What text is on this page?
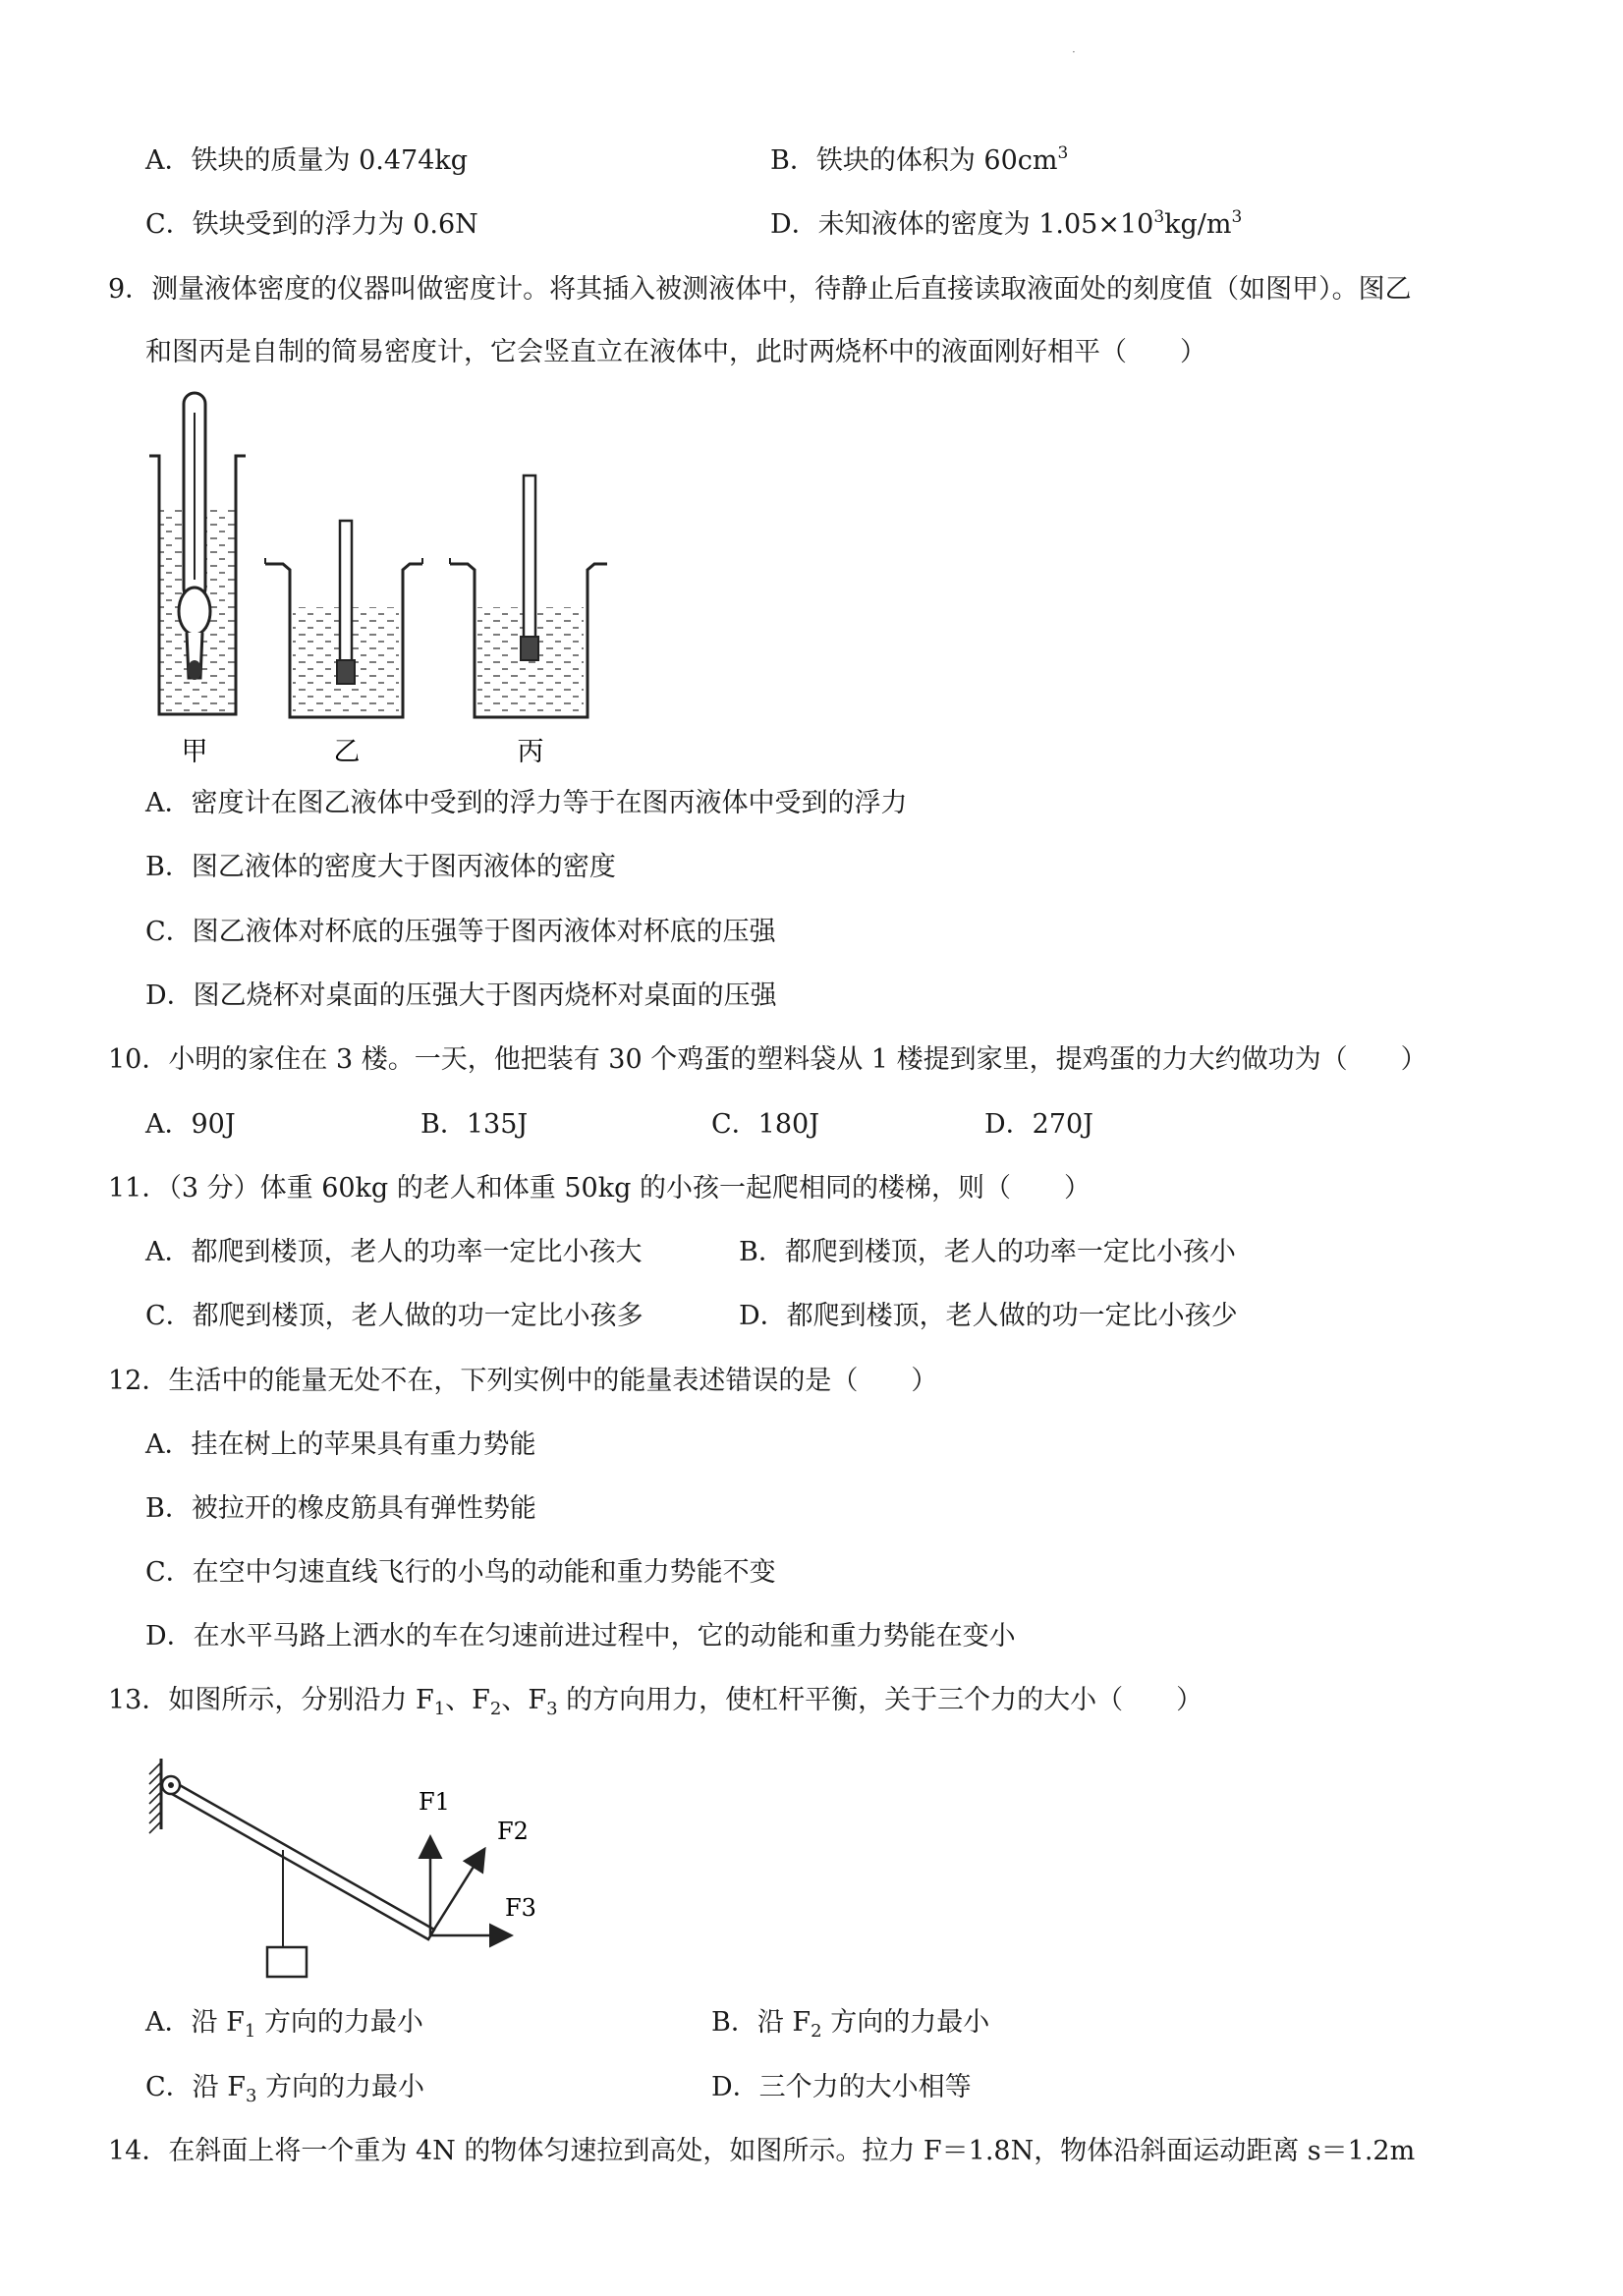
·
A．铁块的质量为 0.474kg	B．铁块的体积为 $60cm^3$
C．铁块受到的浮力为 0.6N	D．未知液体的密度为 $1.05\times 10^3kg/m^3$
9．测量液体密度的仪器叫做密度计。将其插入被测液体中，待静止后直接读取液面处的刻度值（如图甲）。图乙
和图丙是自制的简易密度计，它会竖直立在液体中，此时两烧杯中的液面刚好相平（　　）
甲	乙	丙
A．密度计在图乙液体中受到的浮力等于在图丙液体中受到的浮力
B．图乙液体的密度大于图丙液体的密度
C．图乙液体对杯底的压强等于图丙液体对杯底的压强
D．图乙烧杯对桌面的压强大于图丙烧杯对桌面的压强
10．小明的家住在 3 楼。一天，他把装有 30 个鸡蛋的塑料袋从 1 楼提到家里，提鸡蛋的力大约做功为（　　）
A．90J	B．135J	C．180J	D．270J
11．（3 分）体重 60kg 的老人和体重 50kg 的小孩一起爬相同的楼梯，则（　　）
A．都爬到楼顶，老人的功率一定比小孩大	B．都爬到楼顶，老人的功率一定比小孩小
C．都爬到楼顶，老人做的功一定比小孩多	D．都爬到楼顶，老人做的功一定比小孩少
12．生活中的能量无处不在，下列实例中的能量表述错误的是（　　）
A．挂在树上的苹果具有重力势能
B．被拉开的橡皮筋具有弹性势能
C．在空中匀速直线飞行的小鸟的动能和重力势能不变
D．在水平马路上洒水的车在匀速前进过程中，它的动能和重力势能在变小
13．如图所示，分别沿力 $F_1$、$F_2$、$F_3$ 的方向用力，使杠杆平衡，关于三个力的大小（　　）
F1
F2
F3
A．沿 $F_1$ 方向的力最小	B．沿 $F_2$ 方向的力最小
C．沿 $F_3$ 方向的力最小	D．三个力的大小相等
14．在斜面上将一个重为 4N 的物体匀速拉到高处，如图所示。拉力 F＝1.8N，物体沿斜面运动距离 s＝1.2m
